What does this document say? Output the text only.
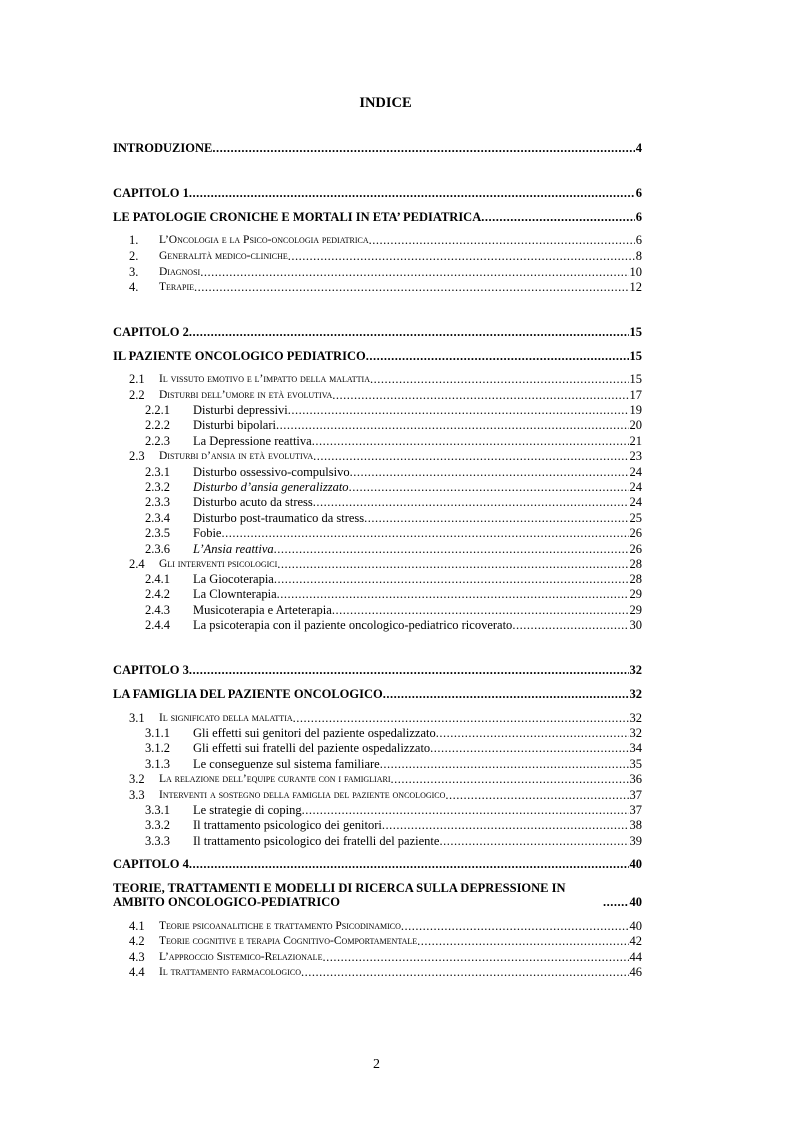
INDICE
INTRODUZIONE .....	4
CAPITOLO 1 .....	6
LE PATOLOGIE CRONICHE E MORTALI IN ETA’ PEDIATRICA .....	6
1.	L’Oncologia e la Psico-oncologia pediatrica .....	6
2.	Generalità medico-cliniche .....	8
3.	Diagnosi .....	10
4.	Terapie .....	12
CAPITOLO 2 .....	15
IL PAZIENTE ONCOLOGICO PEDIATRICO .....	15
2.1	Il vissuto emotivo e l’impatto della malattia .....	15
2.2	Disturbi dell’umore in età evolutiva .....	17
2.2.1	Disturbi depressivi .....	19
2.2.2	Disturbi bipolari .....	20
2.2.3	La Depressione reattiva .....	21
2.3	Disturbi d’ansia in età evolutiva .....	23
2.3.1	Disturbo ossessivo-compulsivo .....	24
2.3.2	Disturbo d’ansia generalizzato .....	24
2.3.3	Disturbo acuto da stress .....	24
2.3.4	Disturbo post-traumatico da stress .....	25
2.3.5	Fobie .....	26
2.3.6	L’Ansia reattiva .....	26
2.4	Gli interventi psicologici .....	28
2.4.1	La Giocoterapia .....	28
2.4.2	La Clownterapia .....	29
2.4.3	Musicoterapia e Arteterapia .....	29
2.4.4	La psicoterapia con il paziente oncologico-pediatrico ricoverato .....	30
CAPITOLO 3 .....	32
LA FAMIGLIA DEL PAZIENTE ONCOLOGICO .....	32
3.1	Il significato della malattia .....	32
3.1.1	Gli effetti sui genitori del paziente ospedalizzato .....	32
3.1.2	Gli effetti sui fratelli del paziente ospedalizzato .....	34
3.1.3	Le conseguenze sul sistema familiare .....	35
3.2	La relazione dell’equipe curante con i famigliari .....	36
3.3	Interventi a sostegno della famiglia del paziente oncologico .....	37
3.3.1	Le strategie di coping .....	37
3.3.2	Il trattamento psicologico dei genitori .....	38
3.3.3	Il trattamento psicologico dei fratelli del paziente .....	39
CAPITOLO 4 .....	40
TEORIE, TRATTAMENTI E MODELLI DI RICERCA SULLA DEPRESSIONE IN AMBITO ONCOLOGICO-PEDIATRICO .....	40
4.1	Teorie psicoanalitiche e trattamento Psicodinamico .....	40
4.2	Teorie cognitive e terapia Cognitivo-Comportamentale .....	42
4.3	L’approccio Sistemico-Relazionale .....	44
4.4	Il trattamento farmacologico .....	46
2
